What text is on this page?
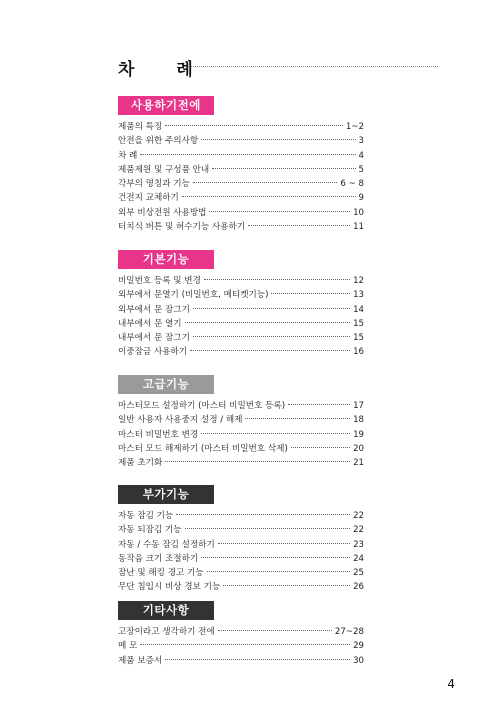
차 례
사용하기전에
제품의 특징	1~2
안전을 위한 주의사항	3
차 례	4
제품제원 및 구성품 안내	5
각부의 명칭과 기능	6 ~ 8
건전지 교체하기	9
외부 비상전원 사용방법	10
터치식 버튼 및 허수기능 사용하기	11
기본기능
비밀번호 등록 및 변경	12
외부에서 문열기 (비밀번호, 메티켓기능)	13
외부에서 문 잠그기	14
내부에서 문 열기	15
내부에서 문 잠그기	15
이중잠금 사용하기	16
고급기능
마스터모드 설정하기 (마스터 비밀번호 등록)	17
일반 사용자 사용중지 설정 / 해제	18
마스터 비밀번호 변경	19
마스터 모드 해제하기 (마스터 비밀번호 삭제)	20
제품 초기화	21
부가기능
자동 잠김 기능	22
자동 되잠김 기능	22
자동 / 수동 잠김 설정하기	23
동작음 크기 조절하기	24
잠난 및 해킹 경고 기능	25
무단 침입시 비상 경보 기능	26
기타사항
고장이라고 생각하기 전에	27~28
메 모	29
제품 보증서	30
4
